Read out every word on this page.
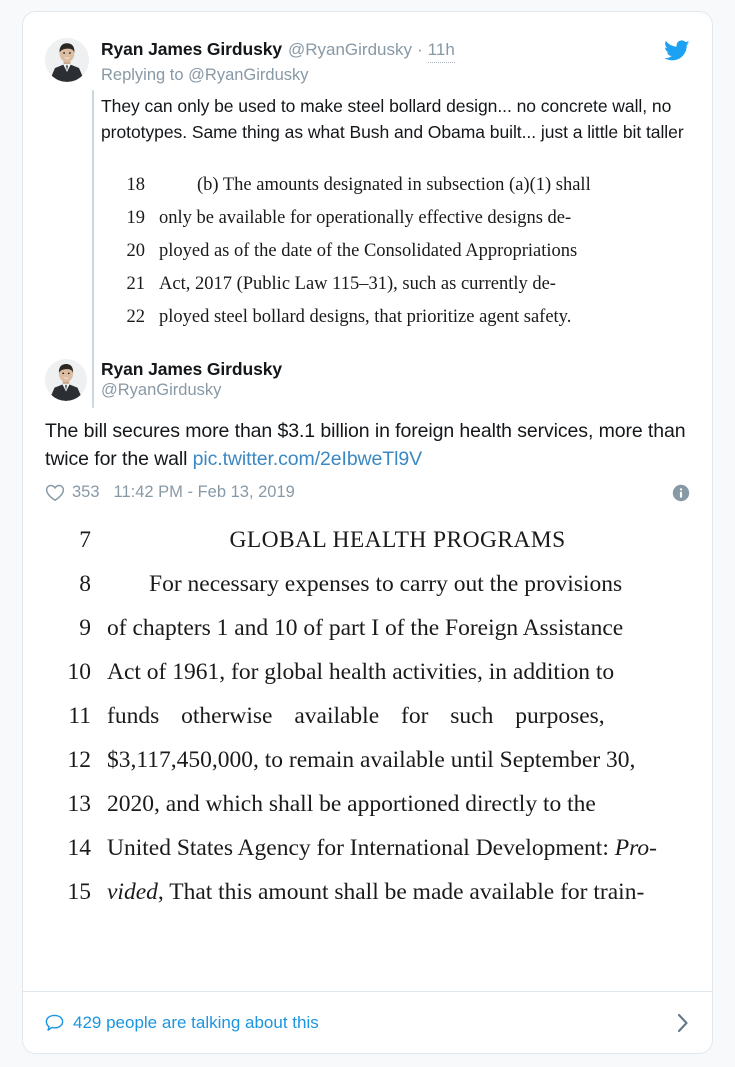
Ryan James Girdusky @RyanGirdusky · 11h
Replying to @RyanGirdusky
They can only be used to make steel bollard design... no concrete wall, no prototypes. Same thing as what Bush and Obama built... just a little bit taller
18	(b) The amounts designated in subsection (a)(1) shall
19 only be available for operationally effective designs de-
20 ployed as of the date of the Consolidated Appropriations
21 Act, 2017 (Public Law 115–31), such as currently de-
22 ployed steel bollard designs, that prioritize agent safety.
Ryan James Girdusky
@RyanGirdusky
The bill secures more than $3.1 billion in foreign health services, more than twice for the wall pic.twitter.com/2eIbweTl9V
353 11:42 PM - Feb 13, 2019
7	GLOBAL HEALTH PROGRAMS
8	For necessary expenses to carry out the provisions
9 of chapters 1 and 10 of part I of the Foreign Assistance
10 Act of 1961, for global health activities, in addition to
11 funds otherwise available for such purposes,
12 $3,117,450,000, to remain available until September 30,
13 2020, and which shall be apportioned directly to the
14 United States Agency for International Development: Pro-
15 vided, That this amount shall be made available for train-
429 people are talking about this
